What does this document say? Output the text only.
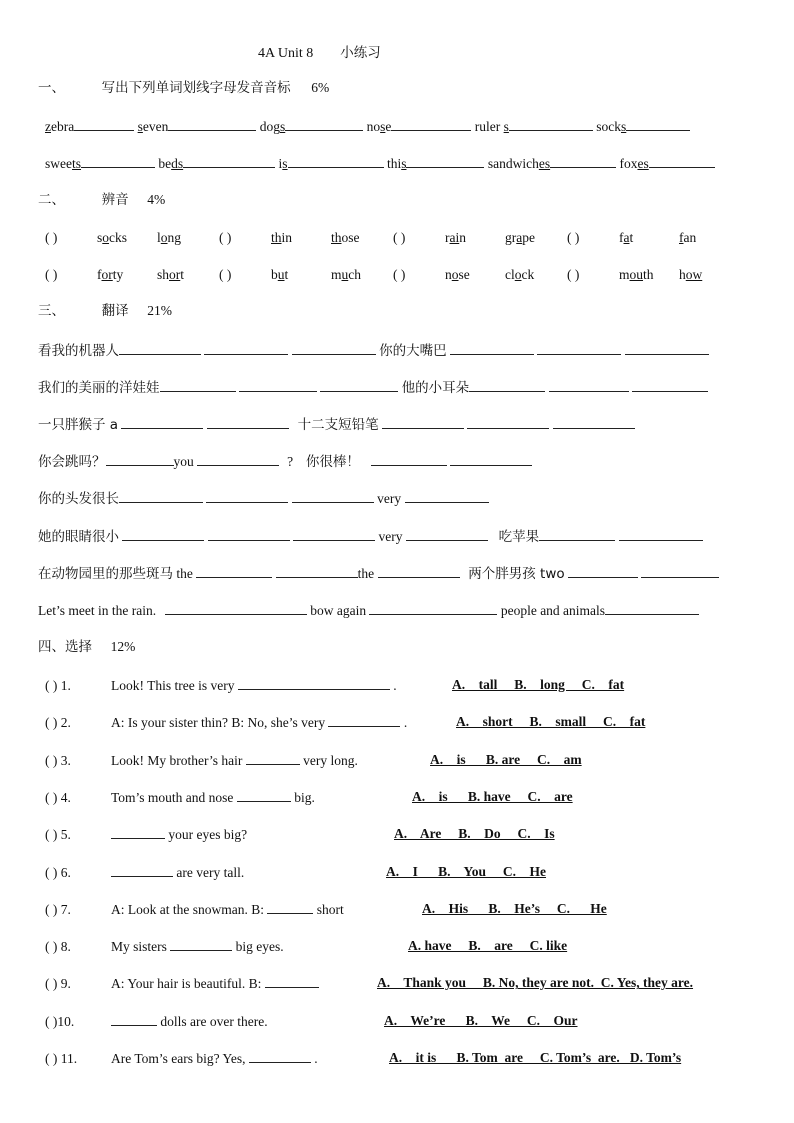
4A Unit 8 小练习
一、	写出下列单词划线字母发音音标 6%
zebra	seven	dogs	nose	ruler s	socks
sweets	beds	is	this	sandwiches	foxes
二、	辨音 4%
( )	socks long	( )	thin	those ( )	rain	grape ( )	fat	fan
( )	forty short	( )	but	much ( )	nose	clock ( )	mouth how
三、	翻译 21%
看我的机器人	你的大嘴巴
我们的美丽的洋娃娃	他的小耳朵
一只胖猴子 a	十二支短铅笔
你会跳吗？	you	? 你很棒！
你的头发很长	very
她的眼睛很小	very	吃苹果
在动物园里的那些斑马 the	the	两个胖男孩 two
Let’s meet in the rain.	bow again	people and animals
四、选择 12%
( ) 1.	Look! This tree is very	.	A.    tall     B.    long     C.    fat
( ) 2.	A: Is your sister thin? B: No, she’s very	.	A.    short     B.    small     C.    fat
( ) 3.	Look! My brother’s hair	very long.	A.    is      B. are     C.    am
( ) 4.	Tom’s mouth and nose	big.	A.    is      B. have     C.    are
( ) 5.	your eyes big?	A.    Are     B.    Do     C.    Is
( ) 6.	are very tall.	A.    I      B.    You     C.    He
( ) 7.	A: Look at the snowman. B:	short	A.    His      B.    He’s     C.      He
( ) 8.	My sisters	big eyes.	A. have     B.    are     C. like
( ) 9.	A: Your hair is beautiful. B:	A.    Thank you     B. No, they are not.  C. Yes, they are.
( )10.	dolls are over there.	A.    We’re      B.    We     C.    Our
( ) 11.	Are Tom’s ears big? Yes,	.	A.    it is      B. Tom  are     C. Tom’s  are.   D. Tom’s
